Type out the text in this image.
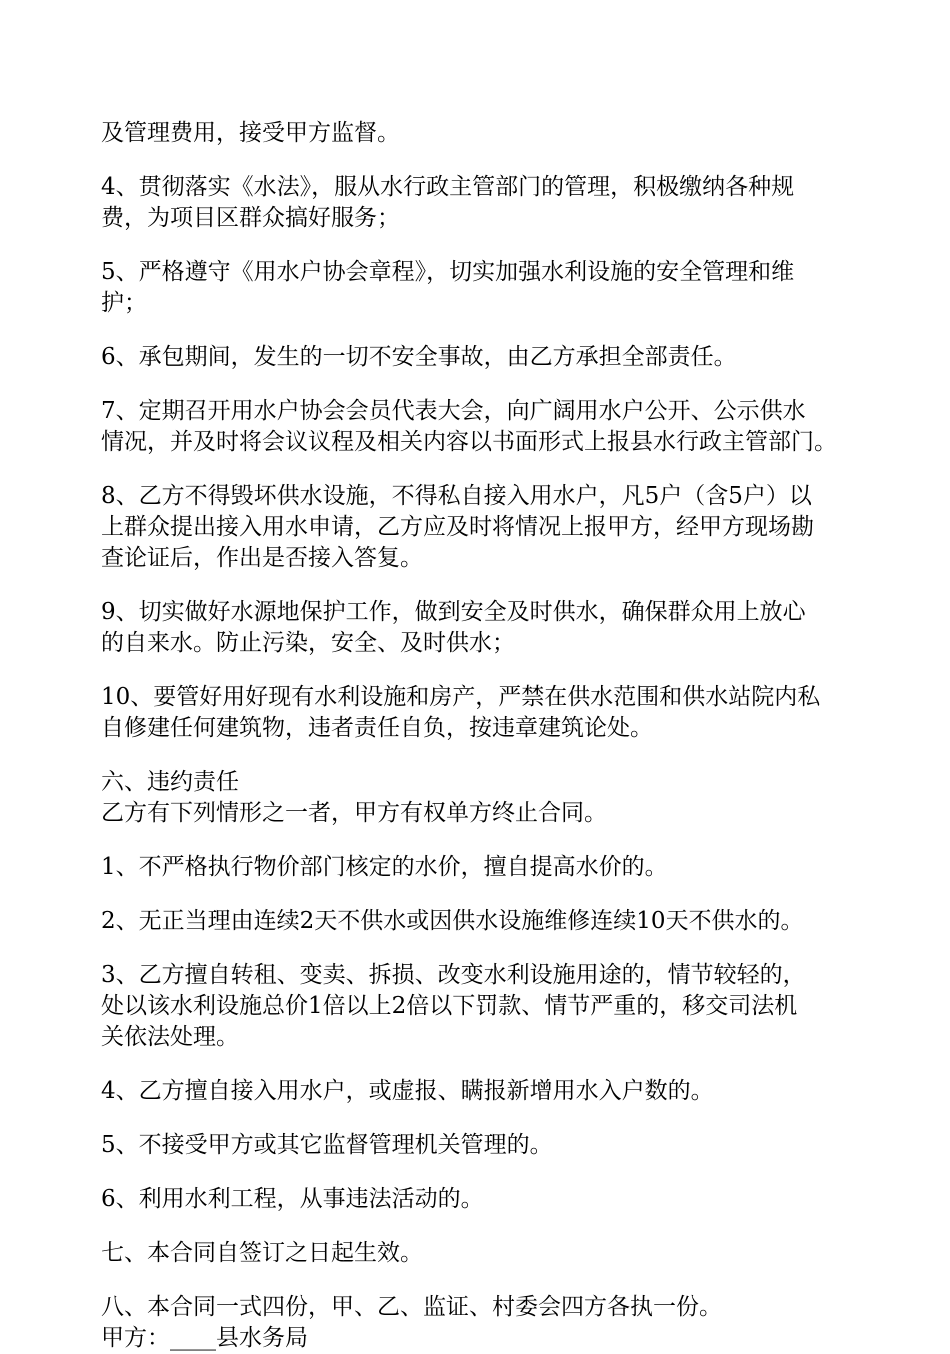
及管理费用，接受甲方监督。

4、贯彻落实《水法》，服从水行政主管部门的管理，积极缴纳各种规
费，为项目区群众搞好服务；

5、严格遵守《用水户协会章程》，切实加强水利设施的安全管理和维
护；

6、承包期间，发生的一切不安全事故，由乙方承担全部责任。

7、定期召开用水户协会会员代表大会，向广阔用水户公开、公示供水
情况，并及时将会议议程及相关内容以书面形式上报县水行政主管部门。

8、乙方不得毁坏供水设施，不得私自接入用水户，凡5户（含5户）以
上群众提出接入用水申请，乙方应及时将情况上报甲方，经甲方现场勘
查论证后，作出是否接入答复。

9、切实做好水源地保护工作，做到安全及时供水，确保群众用上放心
的自来水。防止污染，安全、及时供水；

10、要管好用好现有水利设施和房产，严禁在供水范围和供水站院内私
自修建任何建筑物，违者责任自负，按违章建筑论处。

六、违约责任
乙方有下列情形之一者，甲方有权单方终止合同。

1、不严格执行物价部门核定的水价，擅自提高水价的。

2、无正当理由连续2天不供水或因供水设施维修连续10天不供水的。

3、乙方擅自转租、变卖、拆损、改变水利设施用途的，情节较轻的，
处以该水利设施总价1倍以上2倍以下罚款、情节严重的，移交司法机
关依法处理。

4、乙方擅自接入用水户，或虚报、瞒报新增用水入户数的。

5、不接受甲方或其它监督管理机关管理的。

6、利用水利工程，从事违法活动的。

七、本合同自签订之日起生效。

八、本合同一式四份，甲、乙、监证、村委会四方各执一份。
甲方：____县水务局
